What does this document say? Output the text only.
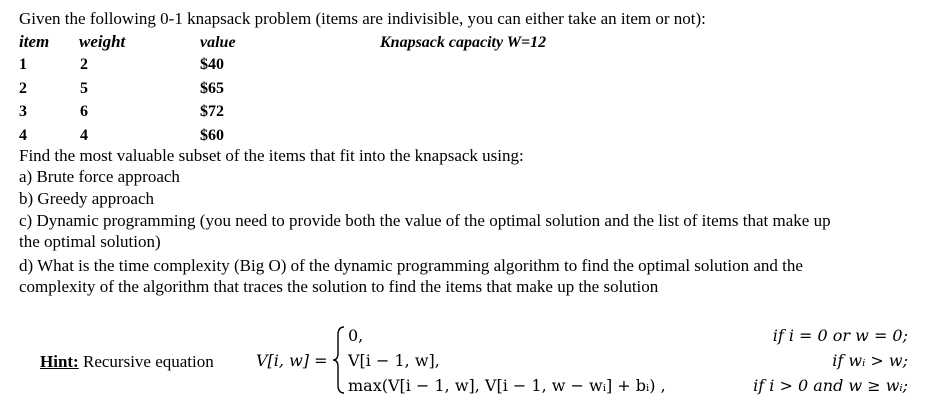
Given the following 0-1 knapsack problem (items are indivisible, you can either take an item or not):
item weight	value	Knapsack capacity W=12
1	2	$40
2	5	$65
3	6	$72
4	4	$60
Find the most valuable subset of the items that fit into the knapsack using:
a) Brute force approach
b) Greedy approach
c) Dynamic programming (you need to provide both the value of the optimal solution and the list of items that make up
the optimal solution)
d) What is the time complexity (Big O) of the dynamic programming algorithm to find the optimal solution and the
complexity of the algorithm that traces the solution to find the items that make up the solution
Hint: Recursive equation	V[i, w] =
0,
V[i − 1, w],
max(V[i − 1, w], V[i − 1, w − wᵢ] + bᵢ) ,
if i = 0 or w = 0;
if wᵢ > w;
if i > 0 and w ≥ wᵢ;
